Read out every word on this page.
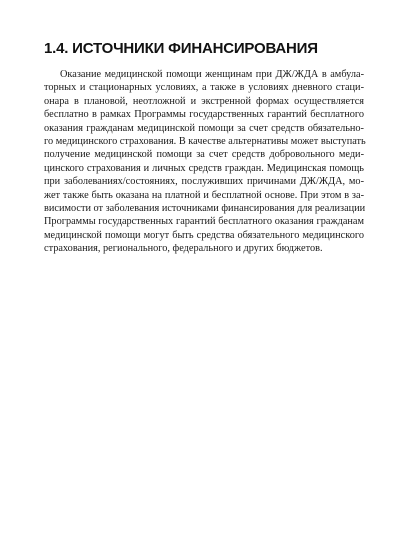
1.4. ИСТОЧНИКИ ФИНАНСИРОВАНИЯ

Оказание медицинской помощи женщинам при ДЖ/ЖДА в амбула-
торных и стационарных условиях, а также в условиях дневного стаци-
онара в плановой, неотложной и экстренной формах осуществляется
бесплатно в рамках Программы государственных гарантий бесплатного
оказания гражданам медицинской помощи за счет средств обязательно-
го медицинского страхования. В качестве альтернативы может выступать
получение медицинской помощи за счет средств добровольного меди-
цинского страхования и личных средств граждан. Медицинская помощь
при заболеваниях/состояниях, послуживших причинами ДЖ/ЖДА, мо-
жет также быть оказана на платной и бесплатной основе. При этом в за-
висимости от заболевания источниками финансирования для реализации
Программы государственных гарантий бесплатного оказания гражданам
медицинской помощи могут быть средства обязательного медицинского
страхования, регионального, федерального и других бюджетов.
